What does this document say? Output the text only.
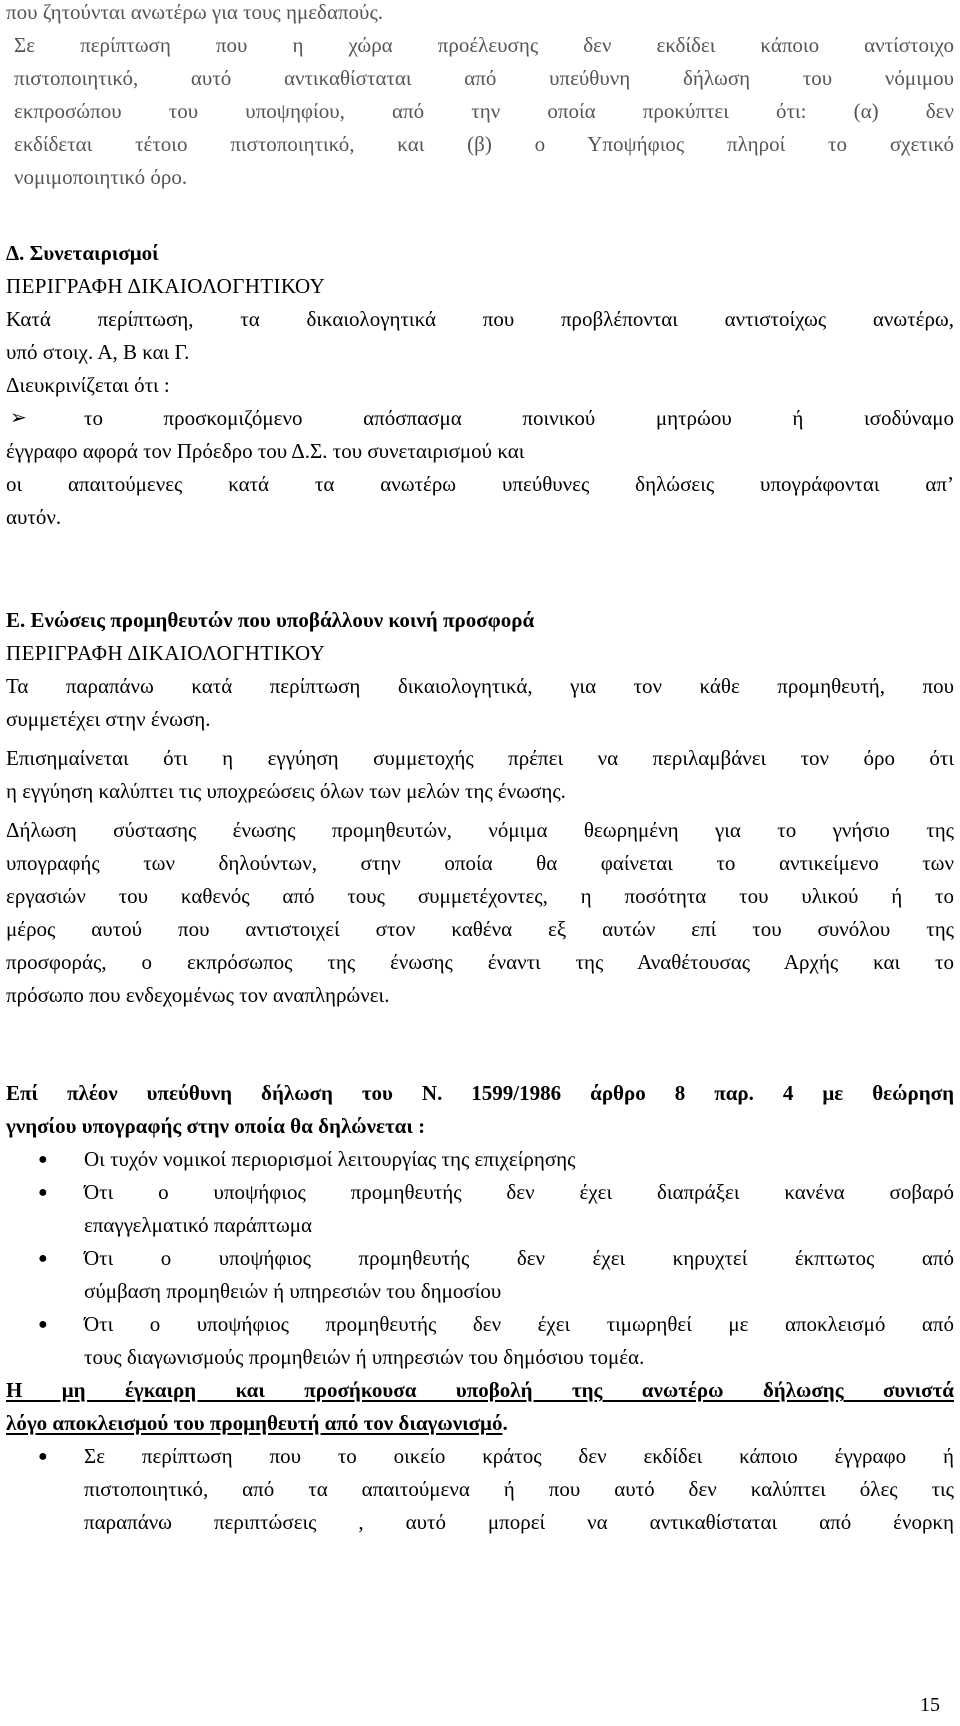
που ζητούνται ανωτέρω για τους ημεδαπούς.
Σε περίπτωση που η χώρα προέλευσης δεν εκδίδει κάποιο αντίστοιχο
πιστοποιητικό, αυτό αντικαθίσταται από υπεύθυνη δήλωση του νόμιμου
εκπροσώπου του υποψηφίου, από την οποία προκύπτει ότι: (α) δεν
εκδίδεται τέτοιο πιστοποιητικό, και (β) ο Υποψήφιος πληροί το σχετικό
νομιμοποιητικό όρο.
Δ. Συνεταιρισμοί
ΠΕΡΙΓΡΑΦΗ ΔΙΚΑΙΟΛΟΓΗΤΙΚΟΥ
Κατά περίπτωση, τα δικαιολογητικά που προβλέπονται αντιστοίχως ανωτέρω,
υπό στοιχ. Α, Β και Γ.
Διευκρινίζεται ότι :
➢	το προσκομιζόμενο απόσπασμα ποινικού μητρώου ή ισοδύναμο
έγγραφο αφορά τον Πρόεδρο του Δ.Σ. του συνεταιρισμού και
οι απαιτούμενες κατά τα ανωτέρω υπεύθυνες δηλώσεις υπογράφονται απ’
αυτόν.
Ε. Ενώσεις προμηθευτών που υποβάλλουν κοινή προσφορά
ΠΕΡΙΓΡΑΦΗ ΔΙΚΑΙΟΛΟΓΗΤΙΚΟΥ
Τα παραπάνω κατά περίπτωση δικαιολογητικά, για τον κάθε προμηθευτή, που
συμμετέχει στην ένωση.
Επισημαίνεται ότι η εγγύηση συμμετοχής πρέπει να περιλαμβάνει τον όρο ότι
η εγγύηση καλύπτει τις υποχρεώσεις όλων των μελών της ένωσης.
Δήλωση σύστασης ένωσης προμηθευτών, νόμιμα θεωρημένη για το γνήσιο της
υπογραφής των δηλούντων, στην οποία θα φαίνεται το αντικείμενο των
εργασιών του καθενός από τους συμμετέχοντες, η ποσότητα του υλικού ή το
μέρος αυτού που αντιστοιχεί στον καθένα εξ αυτών επί του συνόλου της
προσφοράς, ο εκπρόσωπος της ένωσης έναντι της Αναθέτουσας Αρχής και το
πρόσωπο που ενδεχομένως τον αναπληρώνει.
Επί πλέον υπεύθυνη δήλωση του Ν. 1599/1986 άρθρο 8 παρ. 4 με θεώρηση
γνησίου υπογραφής στην οποία θα δηλώνεται :
● Οι τυχόν νομικοί περιορισμοί λειτουργίας της επιχείρησης
● Ότι ο υποψήφιος προμηθευτής δεν έχει διαπράξει κανένα σοβαρό
επαγγελματικό παράπτωμα
● Ότι ο υποψήφιος προμηθευτής δεν έχει κηρυχτεί έκπτωτος από
σύμβαση προμηθειών ή υπηρεσιών του δημοσίου
● Ότι ο υποψήφιος προμηθευτής δεν έχει τιμωρηθεί με αποκλεισμό από
τους διαγωνισμούς προμηθειών ή υπηρεσιών του δημόσιου τομέα.
Η μη έγκαιρη και προσήκουσα υποβολή της ανωτέρω δήλωσης συνιστά
λόγο αποκλεισμού του προμηθευτή από τον διαγωνισμό.
● Σε περίπτωση που το οικείο κράτος δεν εκδίδει κάποιο έγγραφο ή
πιστοποιητικό, από τα απαιτούμενα ή που αυτό δεν καλύπτει όλες τις
παραπάνω περιπτώσεις , αυτό μπορεί να αντικαθίσταται από ένορκη
15
